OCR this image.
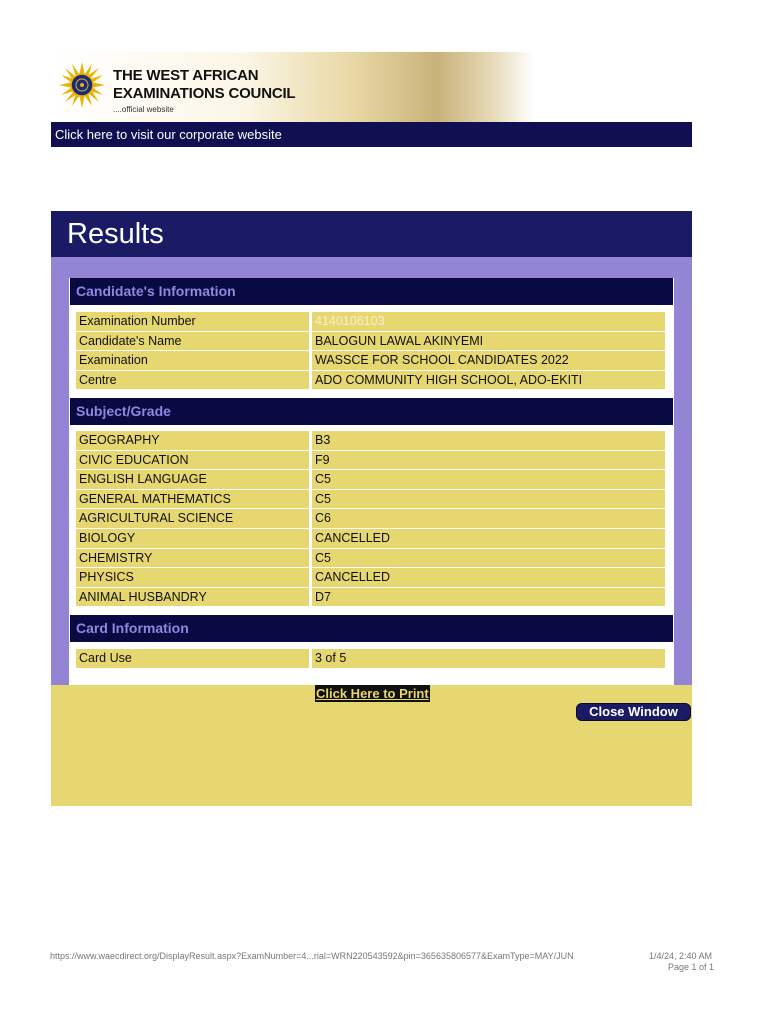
THE WEST AFRICAN
EXAMINATIONS COUNCIL
....official website
Click here to visit our corporate website
Results
Candidate's Information
Examination Number	4140106103
Candidate's Name	BALOGUN LAWAL AKINYEMI
Examination	WASSCE FOR SCHOOL CANDIDATES 2022
Centre	ADO COMMUNITY HIGH SCHOOL, ADO-EKITI
Subject/Grade
GEOGRAPHY	B3
CIVIC EDUCATION	F9
ENGLISH LANGUAGE	C5
GENERAL MATHEMATICS	C5
AGRICULTURAL SCIENCE	C6
BIOLOGY	CANCELLED
CHEMISTRY	C5
PHYSICS	CANCELLED
ANIMAL HUSBANDRY	D7
Card Information
Card Use	3 of 5
Click Here to Print
Close Window
https://www.waecdirect.org/DisplayResult.aspx?ExamNumber=4...rial=WRN220543592&pin=365635806577&ExamType=MAY/JUN	1/4/24, 2:40 AM
Page 1 of 1
